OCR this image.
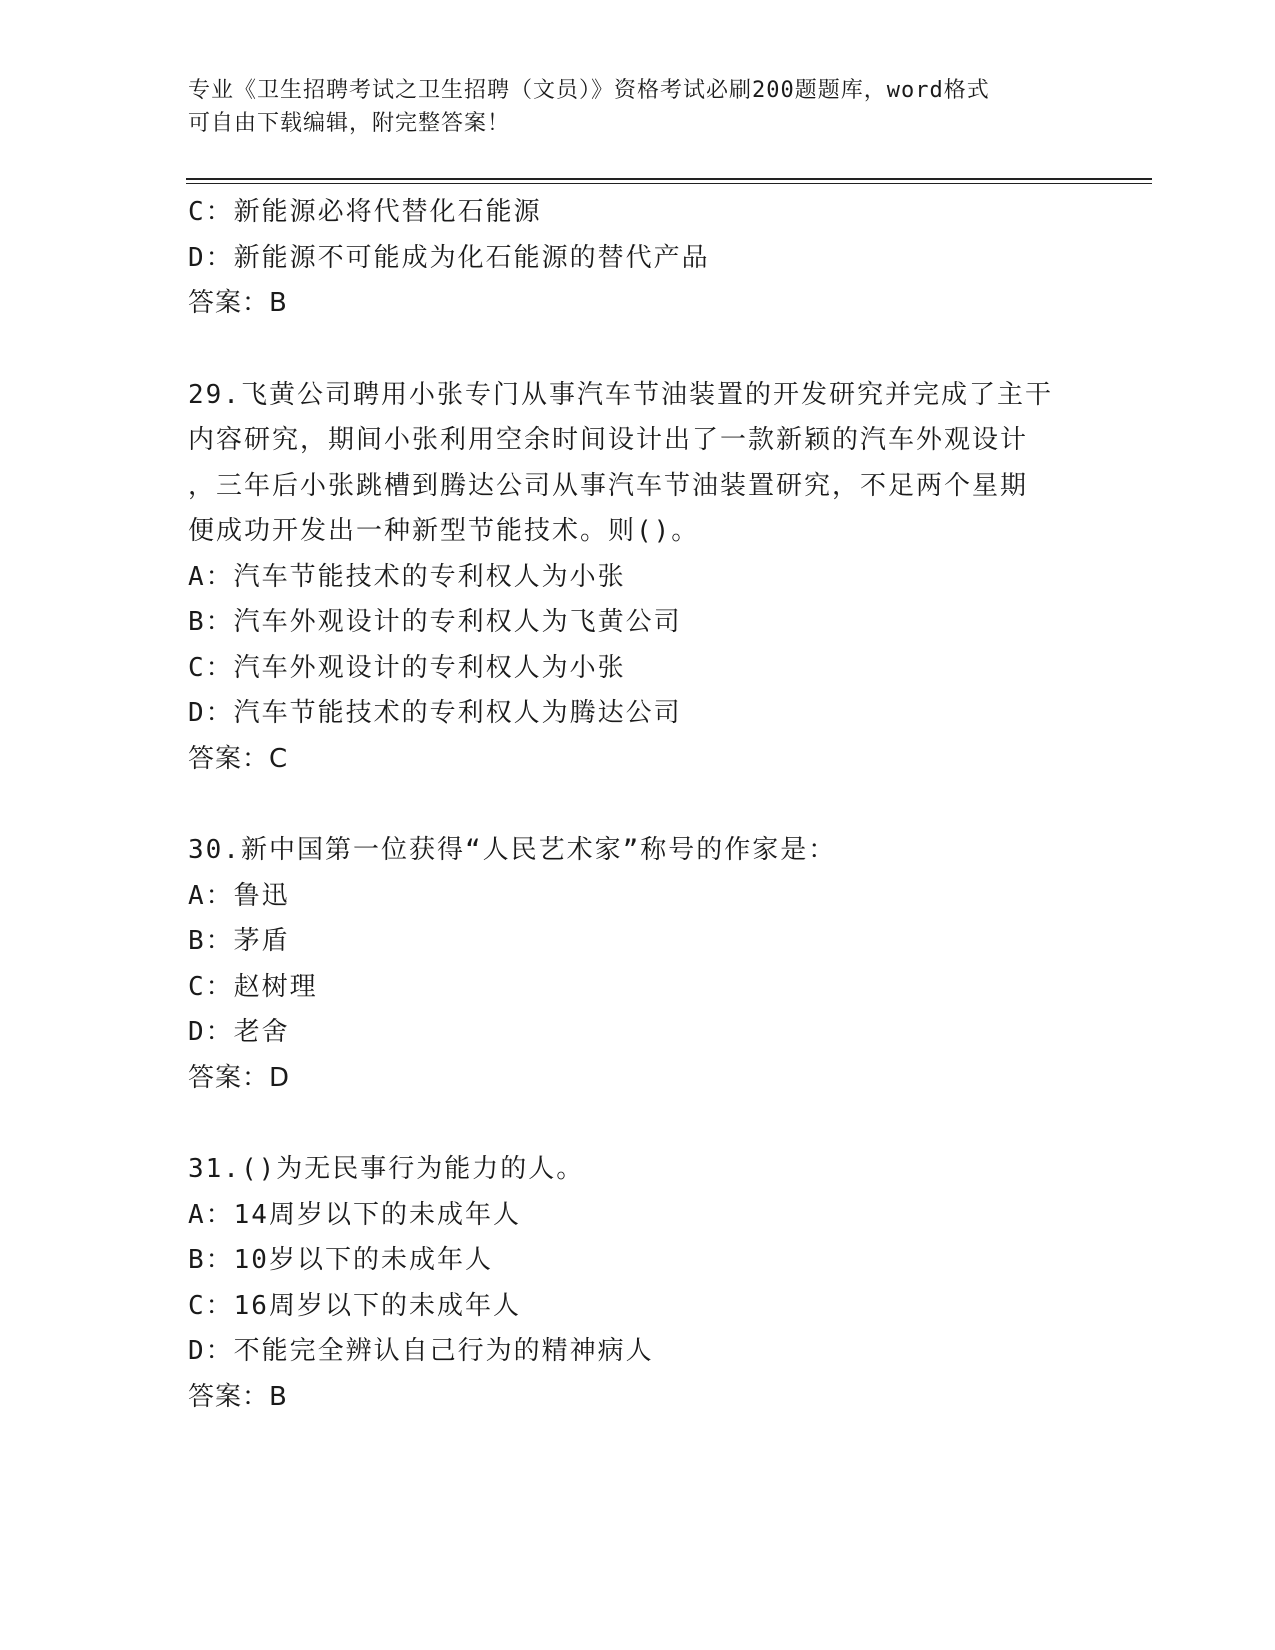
专业《卫生招聘考试之卫生招聘（文员）》资格考试必刷200题题库，word格式
可自由下载编辑，附完整答案！
C：新能源必将代替化石能源
D：新能源不可能成为化石能源的替代产品
答案：B
29.飞黄公司聘用小张专门从事汽车节油装置的开发研究并完成了主干
内容研究，期间小张利用空余时间设计出了一款新颖的汽车外观设计
，三年后小张跳槽到腾达公司从事汽车节油装置研究，不足两个星期
便成功开发出一种新型节能技术。则()。
A：汽车节能技术的专利权人为小张
B：汽车外观设计的专利权人为飞黄公司
C：汽车外观设计的专利权人为小张
D：汽车节能技术的专利权人为腾达公司
答案：C
30.新中国第一位获得“人民艺术家”称号的作家是：
A：鲁迅
B：茅盾
C：赵树理
D：老舍
答案：D
31.()为无民事行为能力的人。
A：14周岁以下的未成年人
B：10岁以下的未成年人
C：16周岁以下的未成年人
D：不能完全辨认自己行为的精神病人
答案：B
